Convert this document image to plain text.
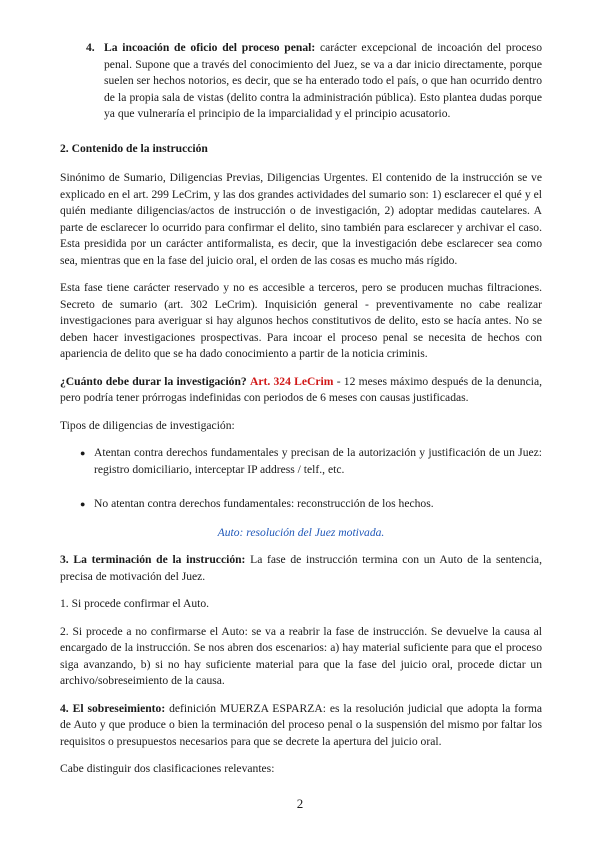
4. La incoación de oficio del proceso penal: carácter excepcional de incoación del proceso penal. Supone que a través del conocimiento del Juez, se va a dar inicio directamente, porque suelen ser hechos notorios, es decir, que se ha enterado todo el país, o que han ocurrido dentro de la propia sala de vistas (delito contra la administración pública). Esto plantea dudas porque ya que vulneraría el principio de la imparcialidad y el principio acusatorio.

2. Contenido de la instrucción

Sinónimo de Sumario, Diligencias Previas, Diligencias Urgentes. El contenido de la instrucción se ve explicado en el art. 299 LeCrim, y las dos grandes actividades del sumario son: 1) esclarecer el qué y el quién mediante diligencias/actos de instrucción o de investigación, 2) adoptar medidas cautelares. A parte de esclarecer lo ocurrido para confirmar el delito, sino también para esclarecer y archivar el caso. Esta presidida por un carácter antiformalista, es decir, que la investigación debe esclarecer sea como sea, mientras que en la fase del juicio oral, el orden de las cosas es mucho más rígido.

Esta fase tiene carácter reservado y no es accesible a terceros, pero se producen muchas filtraciones. Secreto de sumario (art. 302 LeCrim). Inquisición general - preventivamente no cabe realizar investigaciones para averiguar si hay algunos hechos constitutivos de delito, esto se hacía antes. No se deben hacer investigaciones prospectivas. Para incoar el proceso penal se necesita de hechos con apariencia de delito que se ha dado conocimiento a partir de la noticia criminis.

¿Cuánto debe durar la investigación? Art. 324 LeCrim - 12 meses máximo después de la denuncia, pero podría tener prórrogas indefinidas con periodos de 6 meses con causas justificadas.

Tipos de diligencias de investigación:

● Atentan contra derechos fundamentales y precisan de la autorización y justificación de un Juez: registro domiciliario, interceptar IP address / telf., etc.

● No atentan contra derechos fundamentales: reconstrucción de los hechos.

Auto: resolución del Juez motivada.

3. La terminación de la instrucción: La fase de instrucción termina con un Auto de la sentencia, precisa de motivación del Juez.

1. Si procede confirmar el Auto.

2. Si procede a no confirmarse el Auto: se va a reabrir la fase de instrucción. Se devuelve la causa al encargado de la instrucción. Se nos abren dos escenarios: a) hay material suficiente para que el proceso siga avanzando, b) si no hay suficiente material para que la fase del juicio oral, procede dictar un archivo/sobreseimiento de la causa.

4. El sobreseimiento: definición MUERZA ESPARZA: es la resolución judicial que adopta la forma de Auto y que produce o bien la terminación del proceso penal o la suspensión del mismo por faltar los requisitos o presupuestos necesarios para que se decrete la apertura del juicio oral.

Cabe distinguir dos clasificaciones relevantes:

2
